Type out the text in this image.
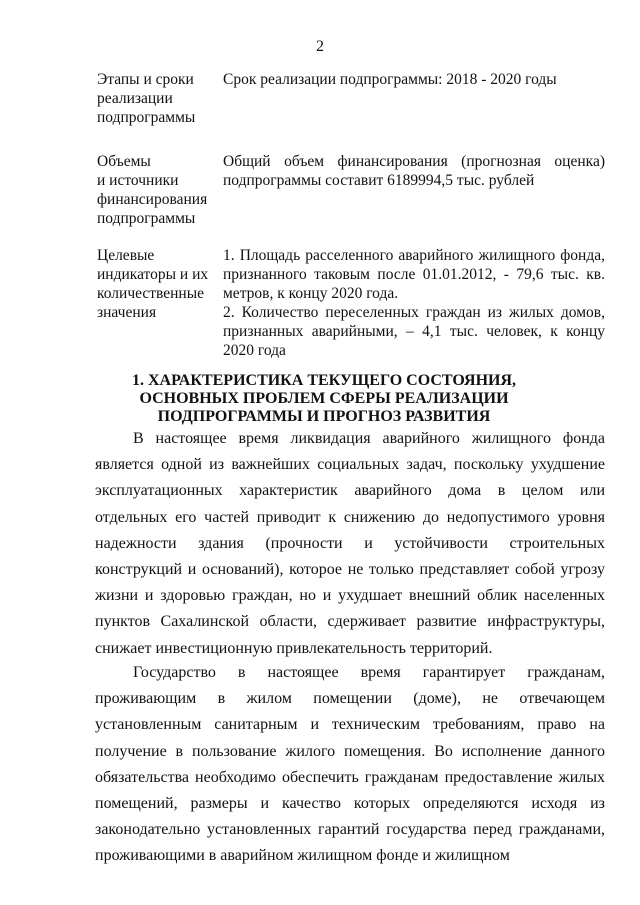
2
Этапы и сроки
реализации
подпрограммы

Срок реализации подпрограммы: 2018 - 2020 годы

Объемы
и источники
финансирования
подпрограммы

Общий объем финансирования (прогнозная оценка) подпрограммы составит 6189994,5 тыс. рублей

Целевые
индикаторы и их
количественные
значения

1. Площадь расселенного аварийного жилищного фонда, признанного таковым после 01.01.2012, - 79,6 тыс. кв. метров, к концу 2020 года.

2. Количество переселенных граждан из жилых домов, признанных аварийными, – 4,1 тыс. человек, к концу 2020 года

1. ХАРАКТЕРИСТИКА ТЕКУЩЕГО СОСТОЯНИЯ,
ОСНОВНЫХ ПРОБЛЕМ СФЕРЫ РЕАЛИЗАЦИИ
ПОДПРОГРАММЫ И ПРОГНОЗ РАЗВИТИЯ

В настоящее время ликвидация аварийного жилищного фонда является одной из важнейших социальных задач, поскольку ухудшение эксплуатационных характеристик аварийного дома в целом или отдельных его частей приводит к снижению до недопустимого уровня надежности здания (прочности и устойчивости строительных конструкций и оснований), которое не только представляет собой угрозу жизни и здоровью граждан, но и ухудшает внешний облик населенных пунктов Сахалинской области, сдерживает развитие инфраструктуры, снижает инвестиционную привлекательность территорий.

Государство в настоящее время гарантирует гражданам, проживающим в жилом помещении (доме), не отвечающем установленным санитарным и техническим требованиям, право на получение в пользование жилого помещения. Во исполнение данного обязательства необходимо обеспечить гражданам предоставление жилых помещений, размеры и качество которых определяются исходя из законодательно установленных гарантий государства перед гражданами, проживающими в аварийном жилищном фонде и жилищном
